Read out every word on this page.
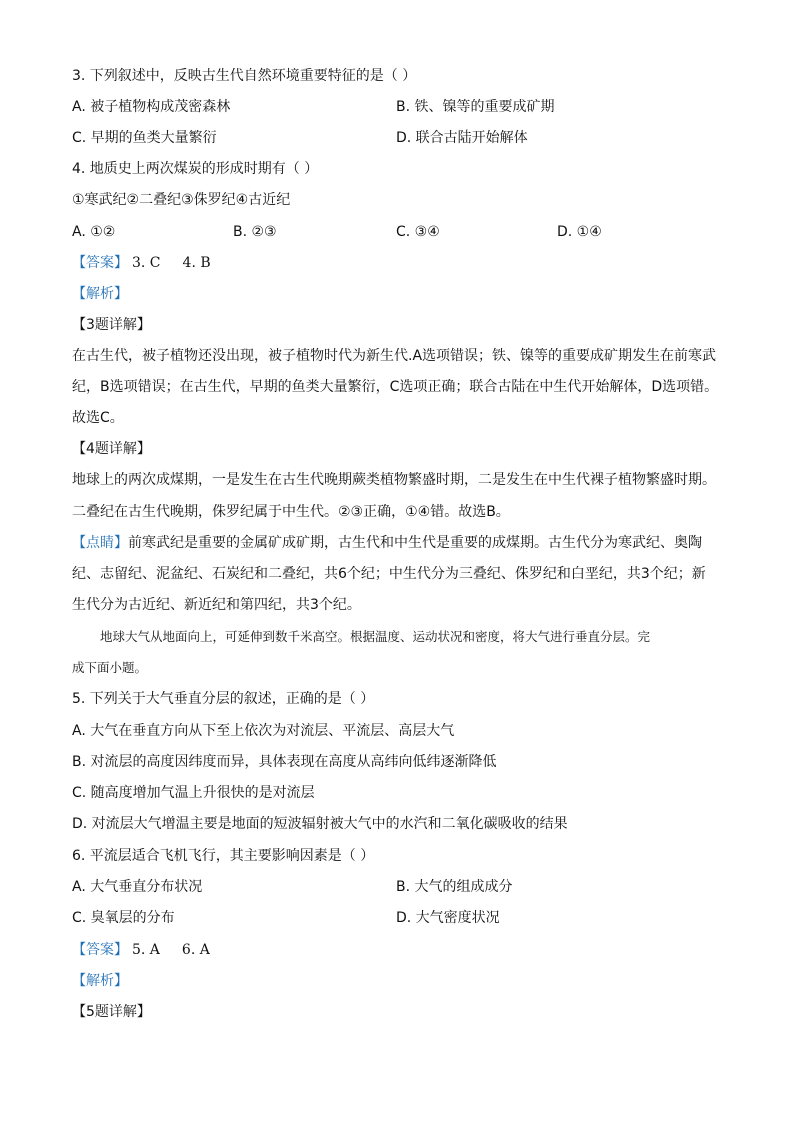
3. 下列叙述中，反映古生代自然环境重要特征的是（ ）
A. 被子植物构成茂密森林	B. 铁、镍等的重要成矿期
C. 早期的鱼类大量繁衍	D. 联合古陆开始解体
4. 地质史上两次煤炭的形成时期有（ ）
①寒武纪②二叠纪③侏罗纪④古近纪
A. ①②	B. ②③	C. ③④	D. ①④
【答案】 3. C 4. B
【解析】
【3题详解】
在古生代，被子植物还没出现，被子植物时代为新生代.A选项错误；铁、镍等的重要成矿期发生在前寒武
纪，B选项错误；在古生代，早期的鱼类大量繁衍，C选项正确；联合古陆在中生代开始解体，D选项错。
故选C。
【4题详解】
地球上的两次成煤期，一是发生在古生代晚期蕨类植物繁盛时期，二是发生在中生代裸子植物繁盛时期。
二叠纪在古生代晚期，侏罗纪属于中生代。②③正确，①④错。故选B。
【点睛】前寒武纪是重要的金属矿成矿期，古生代和中生代是重要的成煤期。古生代分为寒武纪、奥陶
纪、志留纪、泥盆纪、石炭纪和二叠纪，共6个纪；中生代分为三叠纪、侏罗纪和白垩纪，共3个纪；新
生代分为古近纪、新近纪和第四纪，共3个纪。
地球大气从地面向上，可延伸到数千米高空。根据温度、运动状况和密度，将大气进行垂直分层。完
成下面小题。
5. 下列关于大气垂直分层的叙述，正确的是（ ）
A. 大气在垂直方向从下至上依次为对流层、平流层、高层大气
B. 对流层的高度因纬度而异，具体表现在高度从高纬向低纬逐渐降低
C. 随高度增加气温上升很快的是对流层
D. 对流层大气增温主要是地面的短波辐射被大气中的水汽和二氧化碳吸收的结果
6. 平流层适合飞机飞行，其主要影响因素是（ ）
A. 大气垂直分布状况	B. 大气的组成成分
C. 臭氧层的分布	D. 大气密度状况
【答案】 5. A 6. A
【解析】
【5题详解】
